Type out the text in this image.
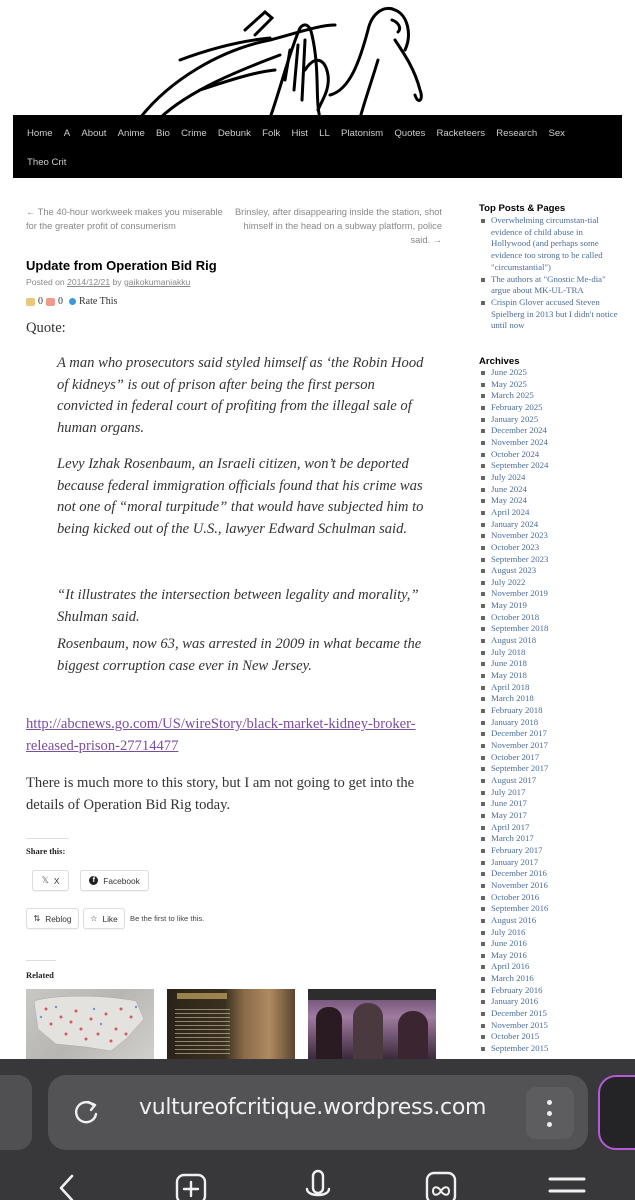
Home A About Anime Bio Crime Debunk Folk Hist LL Platonism Quotes Racketeers Research Sex
Theo Crit
← The 40-hour workweek makes you miserable for the greater profit of consumerism
Brinsley, after disappearing inside the station, shot himself in the head on a subway platform, police said. →
Update from Operation Bid Rig
Posted on 2014/12/21 by gaikokumaniakku
0 0 Rate This

Quote:

A man who prosecutors said styled himself as ‘the Robin Hood of kidneys” is out of prison after being the first person convicted in federal court of profiting from the illegal sale of human organs.

Levy Izhak Rosenbaum, an Israeli citizen, won’t be deported because federal immigration officials found that his crime was not one of “moral turpitude” that would have subjected him to being kicked out of the U.S., lawyer Edward Schulman said.

“It illustrates the intersection between legality and morality,” Shulman said.

Rosenbaum, now 63, was arrested in 2009 in what became the biggest corruption case ever in New Jersey.

http://abcnews.go.com/US/wireStory/black-market-kidney-broker-released-prison-27714477

There is much more to this story, but I am not going to get into the details of Operation Bid Rig today.

Share this:
𝕏 X	f	Facebook
⇅ Reblog ☆ Like Be the first to like this.
Related
Top Posts & Pages
Overwhelming circumstan-tial evidence of child abuse in Hollywood (and perhaps some evidence too strong to be called "circumstantial")
The authors at "Gnostic Me-dia" argue about MK-UL-TRA
Crispin Glover accused Steven Spielberg in 2013 but I didn't notice until now
Archives
June 2025
May 2025
March 2025
February 2025
January 2025
December 2024
November 2024
October 2024
September 2024
July 2024
June 2024
May 2024
April 2024
January 2024
November 2023
October 2023
September 2023
August 2023
July 2022
November 2019
May 2019
October 2018
September 2018
August 2018
July 2018
June 2018
May 2018
April 2018
March 2018
February 2018
January 2018
December 2017
November 2017
October 2017
September 2017
August 2017
July 2017
June 2017
May 2017
April 2017
March 2017
February 2017
January 2017
December 2016
November 2016
October 2016
September 2016
August 2016
July 2016
June 2016
May 2016
April 2016
March 2016
February 2016
January 2016
December 2015
November 2015
October 2015
September 2015
vultureofcritique.wordpress.com
